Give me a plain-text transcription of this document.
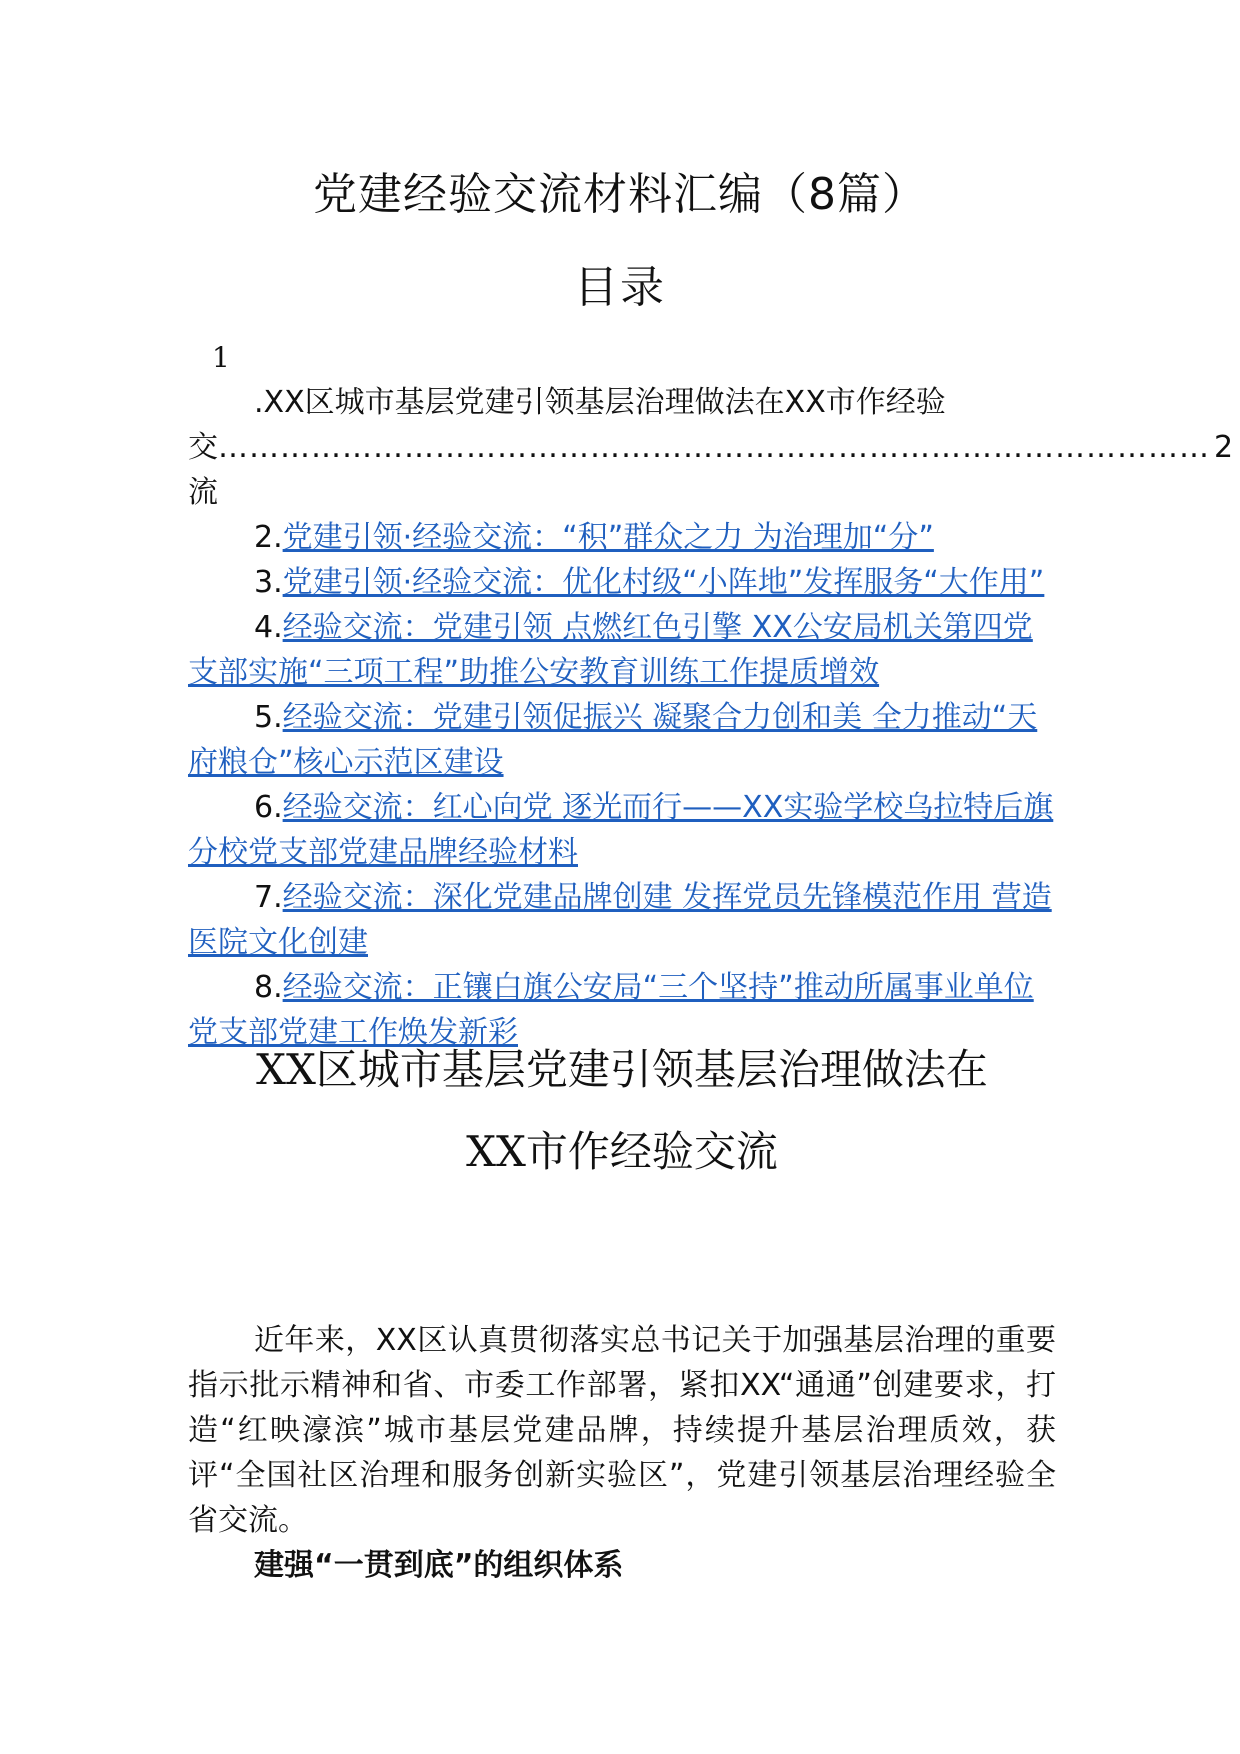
党建经验交流材料汇编（8篇）
目录
1

.XX区城市基层党建引领基层治理做法在XX市作经验

交流
…………………………………………………………………………………… 2

2.党建引领·经验交流：“积”群众之力 为治理加“分”

3.党建引领·经验交流：优化村级“小阵地”发挥服务“大作用”

4.经验交流：党建引领 点燃红色引擎 XX公安局机关第四党支部实施“三项工程”助推公安教育训练工作提质增效

5.经验交流：党建引领促振兴 凝聚合力创和美 全力推动“天府粮仓”核心示范区建设

6.经验交流：红心向党 逐光而行——XX实验学校乌拉特后旗分校党支部党建品牌经验材料

7.经验交流：深化党建品牌创建 发挥党员先锋模范作用 营造医院文化创建

8.经验交流：正镶白旗公安局“三个坚持”推动所属事业单位党支部党建工作焕发新彩

XX区城市基层党建引领基层治理做法在
XX市作经验交流

近年来，XX区认真贯彻落实总书记关于加强基层治理的重要指示批示精神和省、市委工作部署，紧扣XX“通通”创建要求，打造“红映濠滨”城市基层党建品牌，持续提升基层治理质效，获评“全国社区治理和服务创新实验区”，党建引领基层治理经验全省交流。

建强“一贯到底”的组织体系
